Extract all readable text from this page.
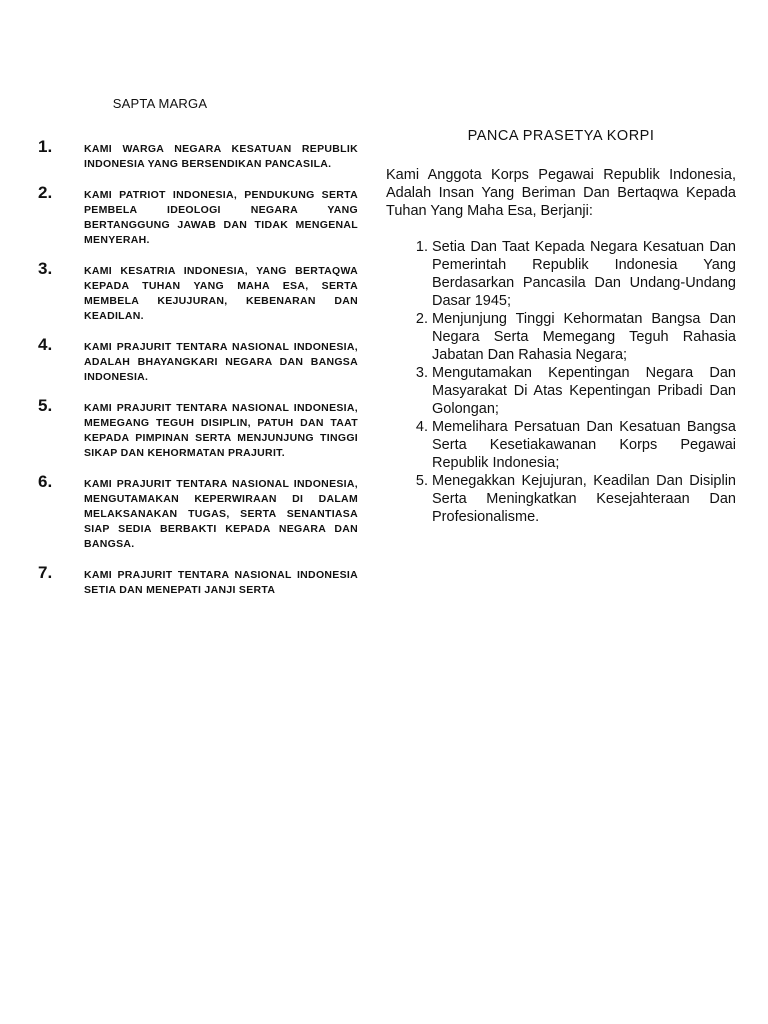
SAPTA MARGA
1.	KAMI WARGA NEGARA KESATUAN REPUBLIK INDONESIA YANG BERSENDIKAN PANCASILA.
2.	KAMI PATRIOT INDONESIA, PENDUKUNG SERTA PEMBELA IDEOLOGI NEGARA YANG BERTANGGUNG JAWAB DAN TIDAK MENGENAL MENYERAH.
3.	KAMI KESATRIA INDONESIA, YANG BERTAQWA KEPADA TUHAN YANG MAHA ESA, SERTA MEMBELA KEJUJURAN, KEBENARAN DAN KEADILAN.
4.	KAMI PRAJURIT TENTARA NASIONAL INDONESIA, ADALAH BHAYANGKARI NEGARA DAN BANGSA INDONESIA.
5.	KAMI PRAJURIT TENTARA NASIONAL INDONESIA, MEMEGANG TEGUH DISIPLIN, PATUH DAN TAAT KEPADA PIMPINAN SERTA MENJUNJUNG TINGGI SIKAP DAN KEHORMATAN PRAJURIT.
6.	KAMI PRAJURIT TENTARA NASIONAL INDONESIA, MENGUTAMAKAN KEPERWIRAAN DI DALAM MELAKSANAKAN TUGAS, SERTA SENANTIASA SIAP SEDIA BERBAKTI KEPADA NEGARA DAN BANGSA.
7.	KAMI PRAJURIT TENTARA NASIONAL INDONESIA SETIA DAN MENEPATI JANJI SERTA
PANCA PRASETYA KORPI
Kami Anggota Korps Pegawai Republik Indonesia, Adalah Insan Yang Beriman Dan Bertaqwa Kepada Tuhan Yang Maha Esa, Berjanji:
1. Setia Dan Taat Kepada Negara Kesatuan Dan Pemerintah Republik Indonesia Yang Berdasarkan Pancasila Dan Undang-Undang Dasar 1945;
2. Menjunjung Tinggi Kehormatan Bangsa Dan Negara Serta Memegang Teguh Rahasia Jabatan Dan Rahasia Negara;
3. Mengutamakan Kepentingan Negara Dan Masyarakat Di Atas Kepentingan Pribadi Dan Golongan;
4. Memelihara Persatuan Dan Kesatuan Bangsa Serta Kesetiakawanan Korps Pegawai Republik Indonesia;
5. Menegakkan Kejujuran, Keadilan Dan Disiplin Serta Meningkatkan Kesejahteraan Dan Profesionalisme.
